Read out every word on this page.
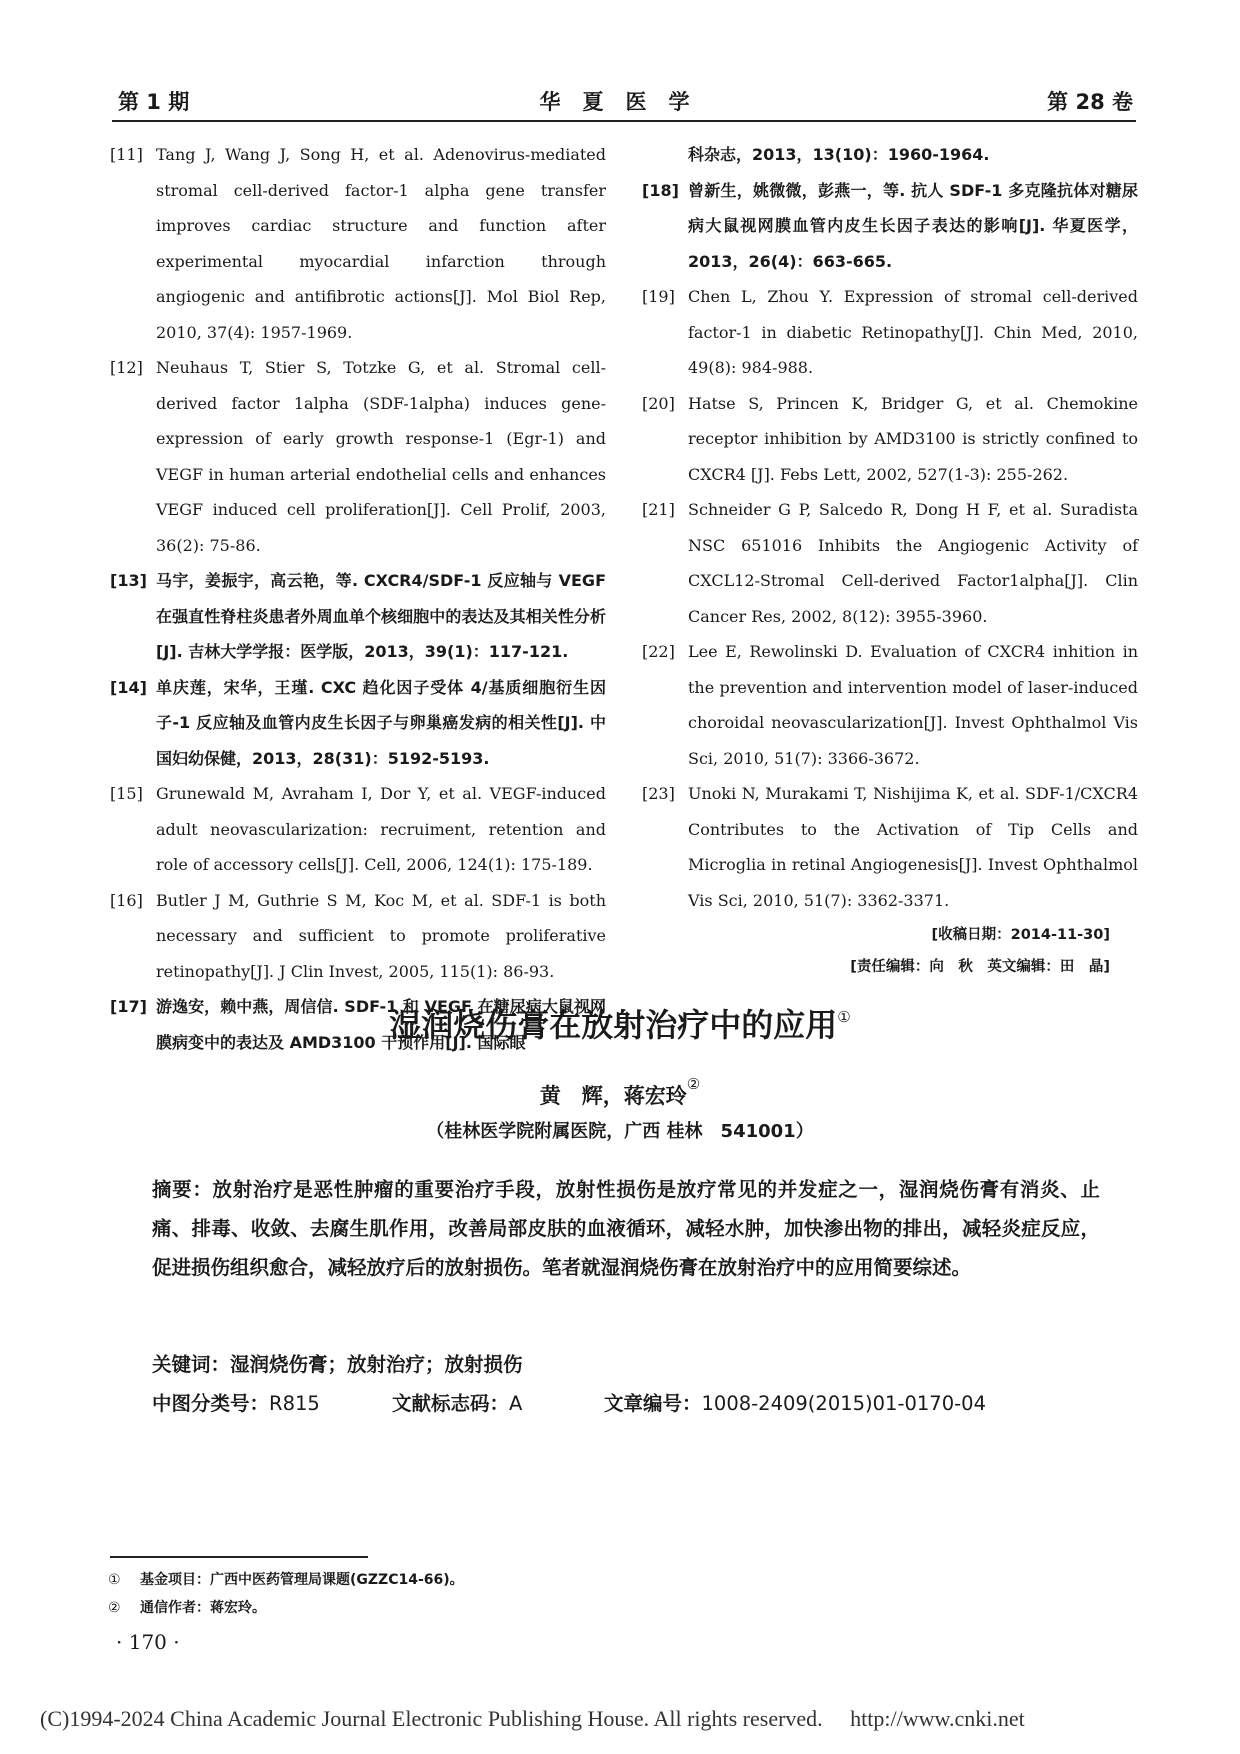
第 1 期	华夏医学	第 28 卷
[11] Tang J, Wang J, Song H, et al. Adenovirus-mediated stromal cell-derived factor-1 alpha gene transfer improves cardiac structure and function after experimental myocardial infarction through angiogenic and antifibrotic actions[J]. Mol Biol Rep, 2010, 37(4): 1957-1969.
[12] Neuhaus T, Stier S, Totzke G, et al. Stromal cell-derived factor 1alpha (SDF-1alpha) induces gene-expression of early growth response-1 (Egr-1) and VEGF in human arterial endothelial cells and enhances VEGF induced cell proliferation[J]. Cell Prolif, 2003, 36(2): 75-86.
[13] 马宇，姜振宇，高云艳，等. CXCR4/SDF-1 反应轴与 VEGF 在强直性脊柱炎患者外周血单个核细胞中的表达及其相关性分析[J]. 吉林大学学报：医学版，2013，39(1)：117-121.
[14] 单庆莲，宋华，王瑾. CXC 趋化因子受体 4/基质细胞衍生因子-1 反应轴及血管内皮生长因子与卵巢癌发病的相关性[J]. 中国妇幼保健，2013，28(31)：5192-5193.
[15] Grunewald M, Avraham I, Dor Y, et al. VEGF-induced adult neovascularization: recruiment, retention and role of accessory cells[J]. Cell, 2006, 124(1): 175-189.
[16] Butler J M, Guthrie S M, Koc M, et al. SDF-1 is both necessary and sufficient to promote proliferative retinopathy[J]. J Clin Invest, 2005, 115(1): 86-93.
[17] 游逸安，赖中燕，周信信. SDF-1 和 VEGF 在糖尿病大鼠视网膜病变中的表达及 AMD3100 干预作用[J]. 国际眼
科杂志，2013，13(10)：1960-1964.
[18] 曾新生，姚微微，彭燕一，等. 抗人 SDF-1 多克隆抗体对糖尿病大鼠视网膜血管内皮生长因子表达的影响[J]. 华夏医学，2013，26(4)：663-665.
[19] Chen L, Zhou Y. Expression of stromal cell-derived factor-1 in diabetic Retinopathy[J]. Chin Med, 2010, 49(8): 984-988.
[20] Hatse S, Princen K, Bridger G, et al. Chemokine receptor inhibition by AMD3100 is strictly confined to CXCR4 [J]. Febs Lett, 2002, 527(1-3): 255-262.
[21] Schneider G P, Salcedo R, Dong H F, et al. Suradista NSC 651016 Inhibits the Angiogenic Activity of CXCL12-Stromal Cell-derived Factor1alpha[J]. Clin Cancer Res, 2002, 8(12): 3955-3960.
[22] Lee E, Rewolinski D. Evaluation of CXCR4 inhition in the prevention and intervention model of laser-induced choroidal neovascularization[J]. Invest Ophthalmol Vis Sci, 2010, 51(7): 3366-3672.
[23] Unoki N, Murakami T, Nishijima K, et al. SDF-1/CXCR4 Contributes to the Activation of Tip Cells and Microglia in retinal Angiogenesis[J]. Invest Ophthalmol Vis Sci, 2010, 51(7): 3362-3371.
[收稿日期：2014-11-30]
[责任编辑：向　秋　英文编辑：田　晶]
湿润烧伤膏在放射治疗中的应用①
黄　辉，蒋宏玲②
（桂林医学院附属医院，广西 桂林　541001）
摘要：放射治疗是恶性肿瘤的重要治疗手段，放射性损伤是放疗常见的并发症之一，湿润烧伤膏有消炎、止痛、排毒、收敛、去腐生肌作用，改善局部皮肤的血液循环，减轻水肿，加快渗出物的排出，减轻炎症反应，促进损伤组织愈合，减轻放疗后的放射损伤。笔者就湿润烧伤膏在放射治疗中的应用简要综述。
关键词：湿润烧伤膏；放射治疗；放射损伤
中图分类号：R815	文献标志码：A	文章编号：1008-2409(2015)01-0170-04
① 基金项目：广西中医药管理局课题(GZZC14-66)。
② 通信作者：蒋宏玲。
· 170 ·
(C)1994-2024 China Academic Journal Electronic Publishing House. All rights reserved.　 http://www.cnki.net
